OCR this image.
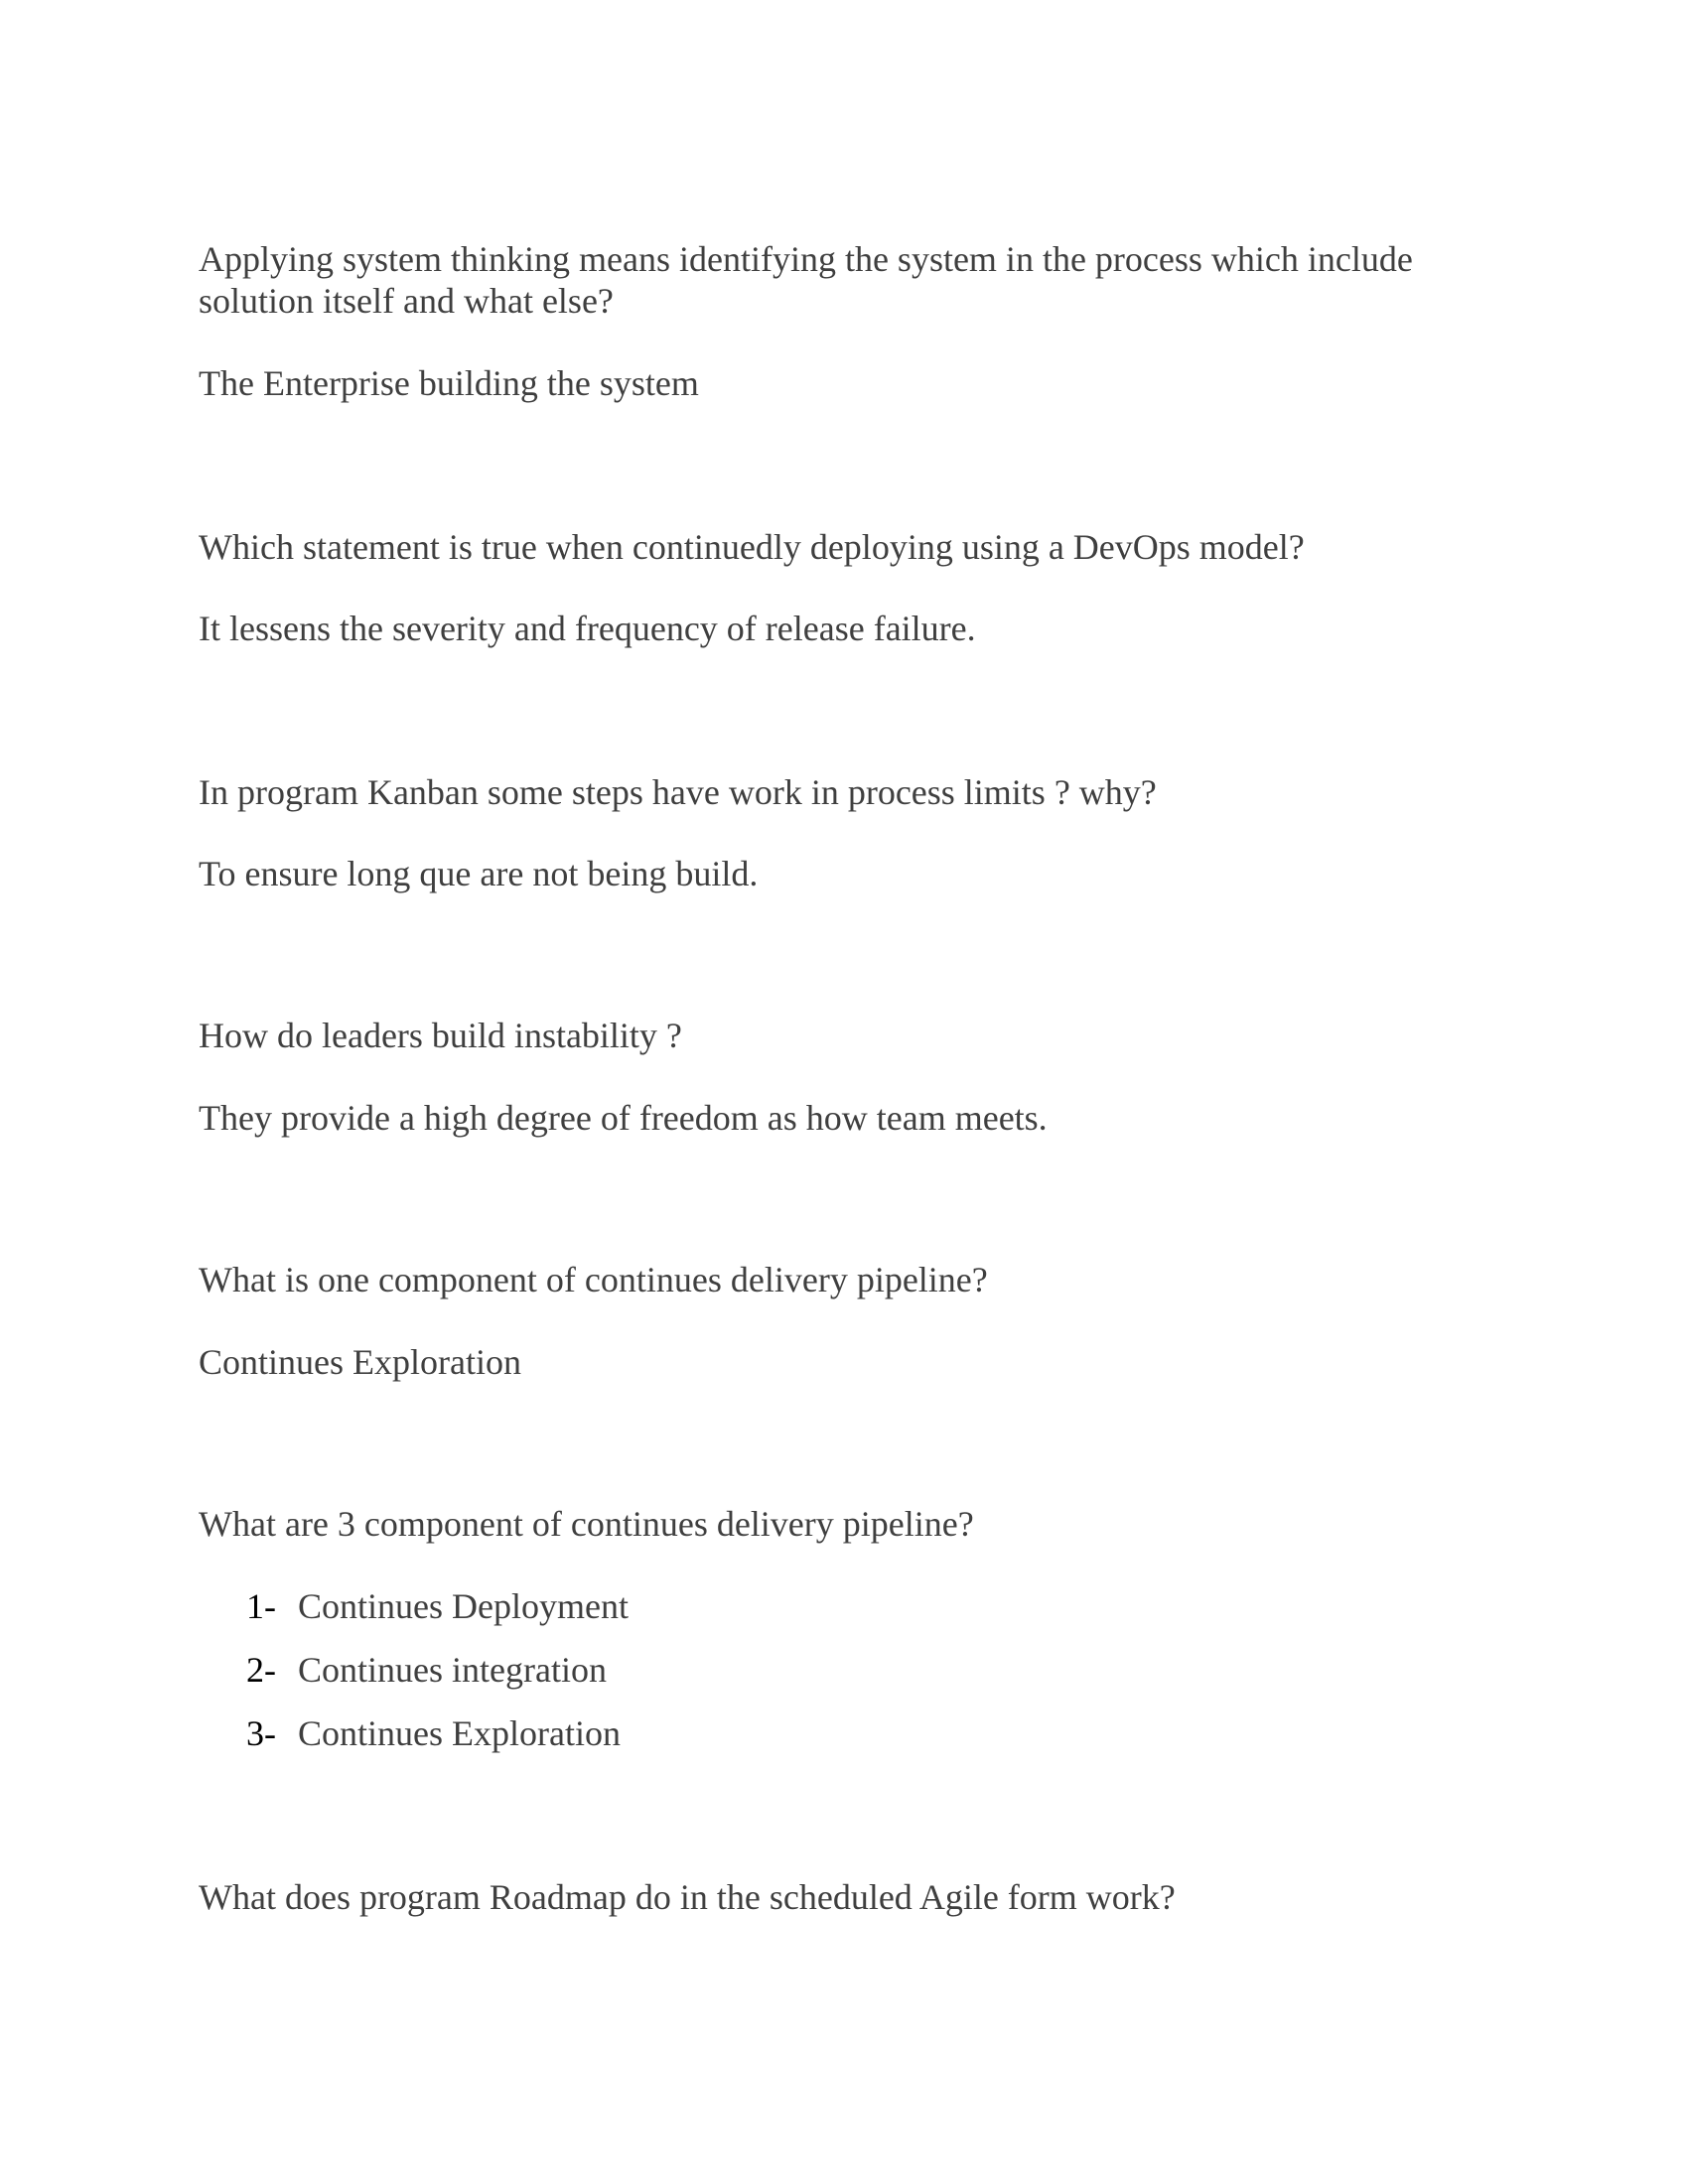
Applying system thinking means identifying the system in the process which include solution itself and what else?

The Enterprise building the system

Which statement is true when continuedly deploying using a DevOps model?

It lessens the severity and frequency of release failure.

In program Kanban some steps have work in process limits ? why?

To ensure long que are not being build.

How do leaders build instability ?

They provide a high degree of freedom as how team meets.

What is one component of continues delivery pipeline?

Continues Exploration

What are 3 component of continues delivery pipeline?

1- Continues Deployment
2- Continues integration
3- Continues Exploration

What does program Roadmap do in the scheduled Agile form work?
